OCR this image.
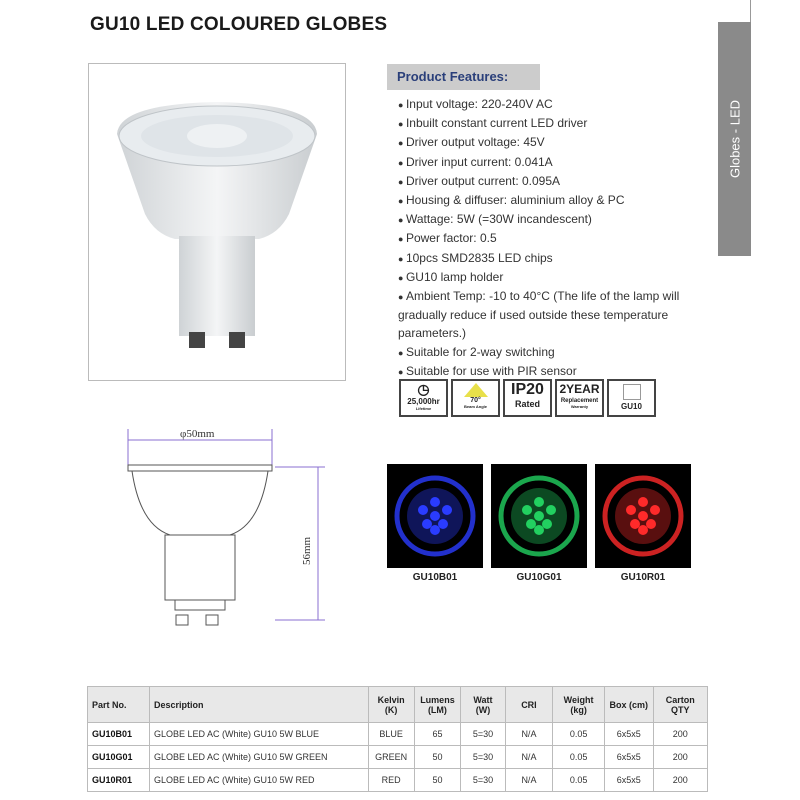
GU10 LED COLOURED GLOBES
Globes - LED
Product Features:
● Input voltage: 220-240V AC
● Inbuilt constant current LED driver
● Driver output voltage: 45V
● Driver input current: 0.041A
● Driver output current: 0.095A
● Housing & diffuser: aluminium alloy & PC
● Wattage: 5W (=30W incandescent)
● Power factor: 0.5
● 10pcs SMD2835 LED chips
● GU10 lamp holder
● Ambient Temp: -10 to 40°C (The life of the lamp will gradually reduce if used outside these temperature parameters.)
● Suitable for 2-way switching
● Suitable for use with PIR sensor
◷
25,000hr
Lifetime
70°
Beam Angle
IP20
Rated
2YEAR
Replacement
Warranty	GU10
φ50mm
56mm
GU10B01	GU10G01	GU10R01
Part No.	Description	Kelvin (K)	Lumens (LM)	Watt (W)	CRI	Weight (kg)	Box (cm)	Carton QTY
GU10B01	GLOBE LED AC (White) GU10 5W BLUE	BLUE	65	5=30	N/A	0.05	6x5x5	200
GU10G01	GLOBE LED AC (White) GU10 5W GREEN	GREEN	50	5=30	N/A	0.05	6x5x5	200
GU10R01	GLOBE LED AC (White) GU10 5W RED	RED	50	5=30	N/A	0.05	6x5x5	200
